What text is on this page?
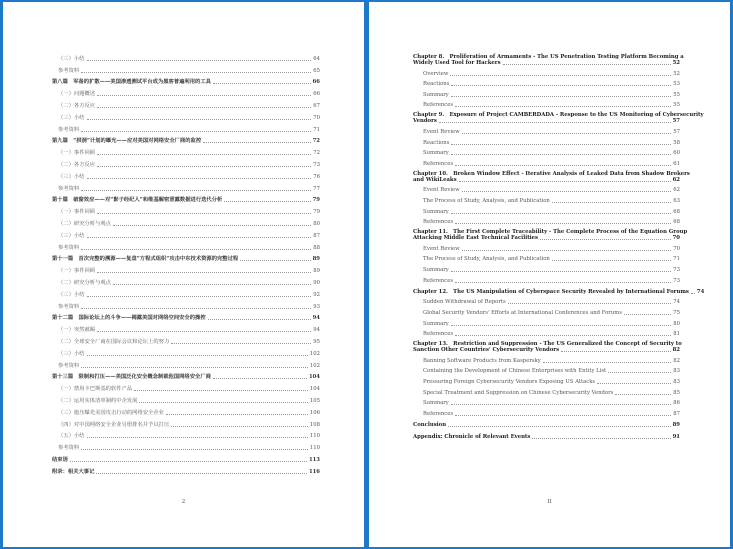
（三）小结	64
参考资料	65
第八篇　军备的扩散——美国渗透测试平台成为黑客普遍利用的工具	66
（一）问题概述	66
（二）各方反应	67
（三）小结	70
参考资料	71
第九篇　“拱洞”计划的曝光——应对美国对网络安全厂商的监控	72
（一）事件回顾	72
（二）各方反应	73
（三）小结	76
参考资料	77
第十篇　破窗效应——对“影子经纪人”和维基解密泄露数据进行迭代分析	79
（一）事件回顾	79
（二）研究分析与观点	80
（三）小结	87
参考资料	88
第十一篇　首次完整的溯源——复盘“方程式组织”攻击中东技术资源的完整过程	89
（一）事件回顾	89
（二）研究分析与观点	90
（三）小结	92
参考资料	93
第十二篇　国际论坛上的斗争——揭露美国对网络空间安全的操控	94
（一）突然被踢	94
（二）全球安全厂商在国际会议和论坛上的努力	95
（三）小结	102
参考资料	102
第十三篇　限制和打压——美国泛化安全概念制裁他国网络安全厂商	104
（一）禁用卡巴斯基的软件产品	104
（二）运用实体清单制约中企发展	105
（三）施压曝光美国攻击行动的网络安全企业	106
（四）对中国网络安全企业另册排名并予以打压	108
（五）小结	110
参考资料	110
结束语	113
附录：相关大事记	116
2
Chapter 8.　Proliferation of Armaments - The US Penetration Testing Platform Becoming a
Widely Used Tool for Hackers	52
Overview	52
Reactions	53
Summary	55
References	55
Chapter 9.　Exposure of Project CAMBERDADA - Response to the US Monitoring of Cybersecurity
Vendors	57
Event Review	57
Reactions	58
Summary	60
References	61
Chapter 10.　Broken Window Effect - Iterative Analysis of Leaked Data from Shadow Brokers
and WikiLeaks	62
Event Review	62
The Process of Study, Analysis, and Publication	63
Summary	68
References	68
Chapter 11.　The First Complete Traceability - The Complete Process of the Equation Group
Attacking Middle East Technical Facilities	70
Event Review	70
The Process of Study, Analysis, and Publication	71
Summary	73
References	73
Chapter 12.　The US Manipulation of Cyberspace Security Revealed by International Forums 74
Sudden Withdrawal of Reports	74
Global Security Vendors' Efforts at International Conferences and Forums	75
Summary	80
References	81
Chapter 13.　Restriction and Suppression - The US Generalized the Concept of Security to
Sanction Other Countries' Cybersecurity Vendors	82
Banning Software Products from Kaspersky	82
Containing the Development of Chinese Enterprises with Entity List	83
Pressuring Foreign Cybersecurity Vendors Exposing US Attacks	83
Special Treatment and Suppression on Chinese Cybersecurity Vendors	85
Summary	86
References	87
Conclusion	89
Appendix: Chronicle of Relevant Events	91
II
